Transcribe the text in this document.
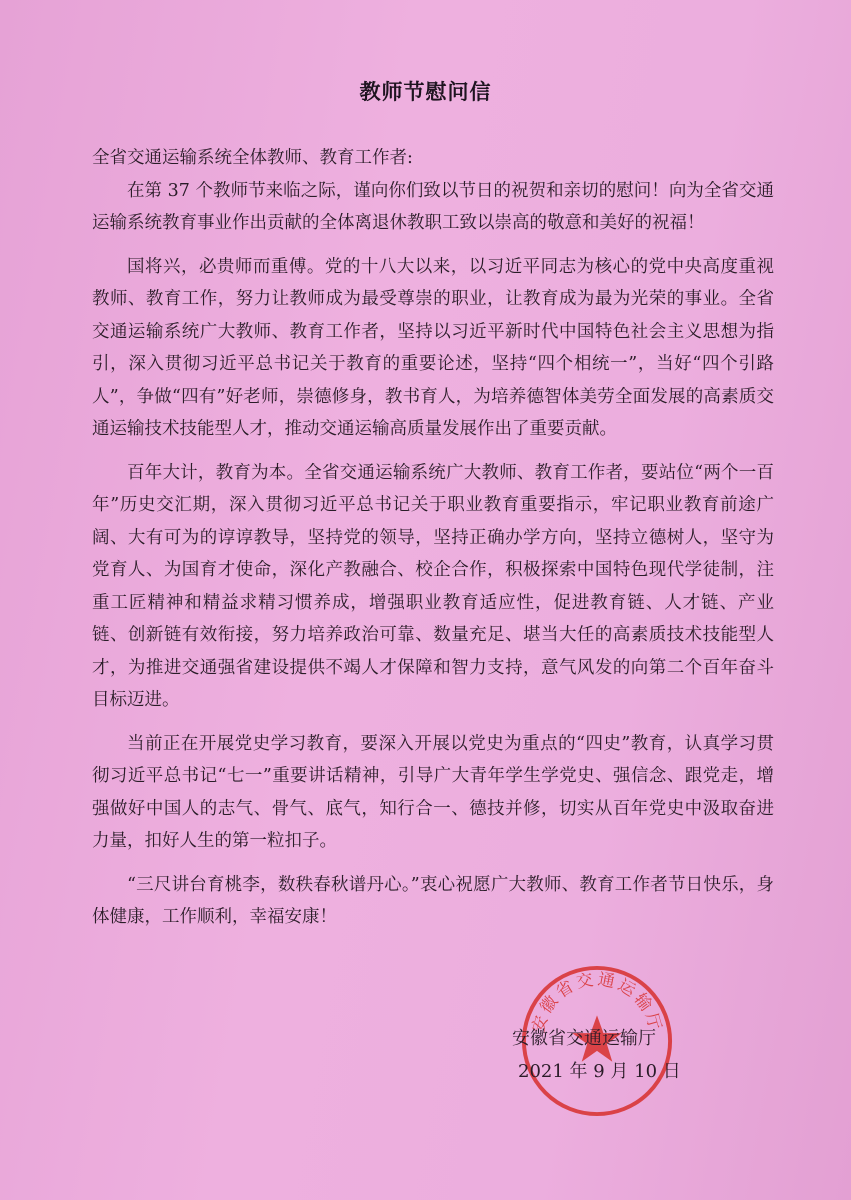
教师节慰问信

全省交通运输系统全体教师、教育工作者:

在第 37 个教师节来临之际，谨向你们致以节日的祝贺和亲切的慰问！向为全省交通运输系统教育事业作出贡献的全体离退休教职工致以崇高的敬意和美好的祝福！

国将兴，必贵师而重傅。党的十八大以来，以习近平同志为核心的党中央高度重视教师、教育工作，努力让教师成为最受尊崇的职业，让教育成为最为光荣的事业。全省交通运输系统广大教师、教育工作者，坚持以习近平新时代中国特色社会主义思想为指引，深入贯彻习近平总书记关于教育的重要论述，坚持“四个相统一”，当好“四个引路人”，争做“四有”好老师，崇德修身，教书育人，为培养德智体美劳全面发展的高素质交通运输技术技能型人才，推动交通运输高质量发展作出了重要贡献。

百年大计，教育为本。全省交通运输系统广大教师、教育工作者，要站位“两个一百年”历史交汇期，深入贯彻习近平总书记关于职业教育重要指示，牢记职业教育前途广阔、大有可为的谆谆教导，坚持党的领导，坚持正确办学方向，坚持立德树人，坚守为党育人、为国育才使命，深化产教融合、校企合作，积极探索中国特色现代学徒制，注重工匠精神和精益求精习惯养成，增强职业教育适应性，促进教育链、人才链、产业链、创新链有效衔接，努力培养政治可靠、数量充足、堪当大任的高素质技术技能型人才，为推进交通强省建设提供不竭人才保障和智力支持，意气风发的向第二个百年奋斗目标迈进。

当前正在开展党史学习教育，要深入开展以党史为重点的“四史”教育，认真学习贯彻习近平总书记“七一”重要讲话精神，引导广大青年学生学党史、强信念、跟党走，增强做好中国人的志气、骨气、底气，知行合一、德技并修，切实从百年党史中汲取奋进力量，扣好人生的第一粒扣子。

“三尺讲台育桃李，数秩春秋谱丹心。”衷心祝愿广大教师、教育工作者节日快乐，身体健康，工作顺利，幸福安康！

安徽省交通运输厅
安徽省交通运输厅
2021 年 9 月 10 日
